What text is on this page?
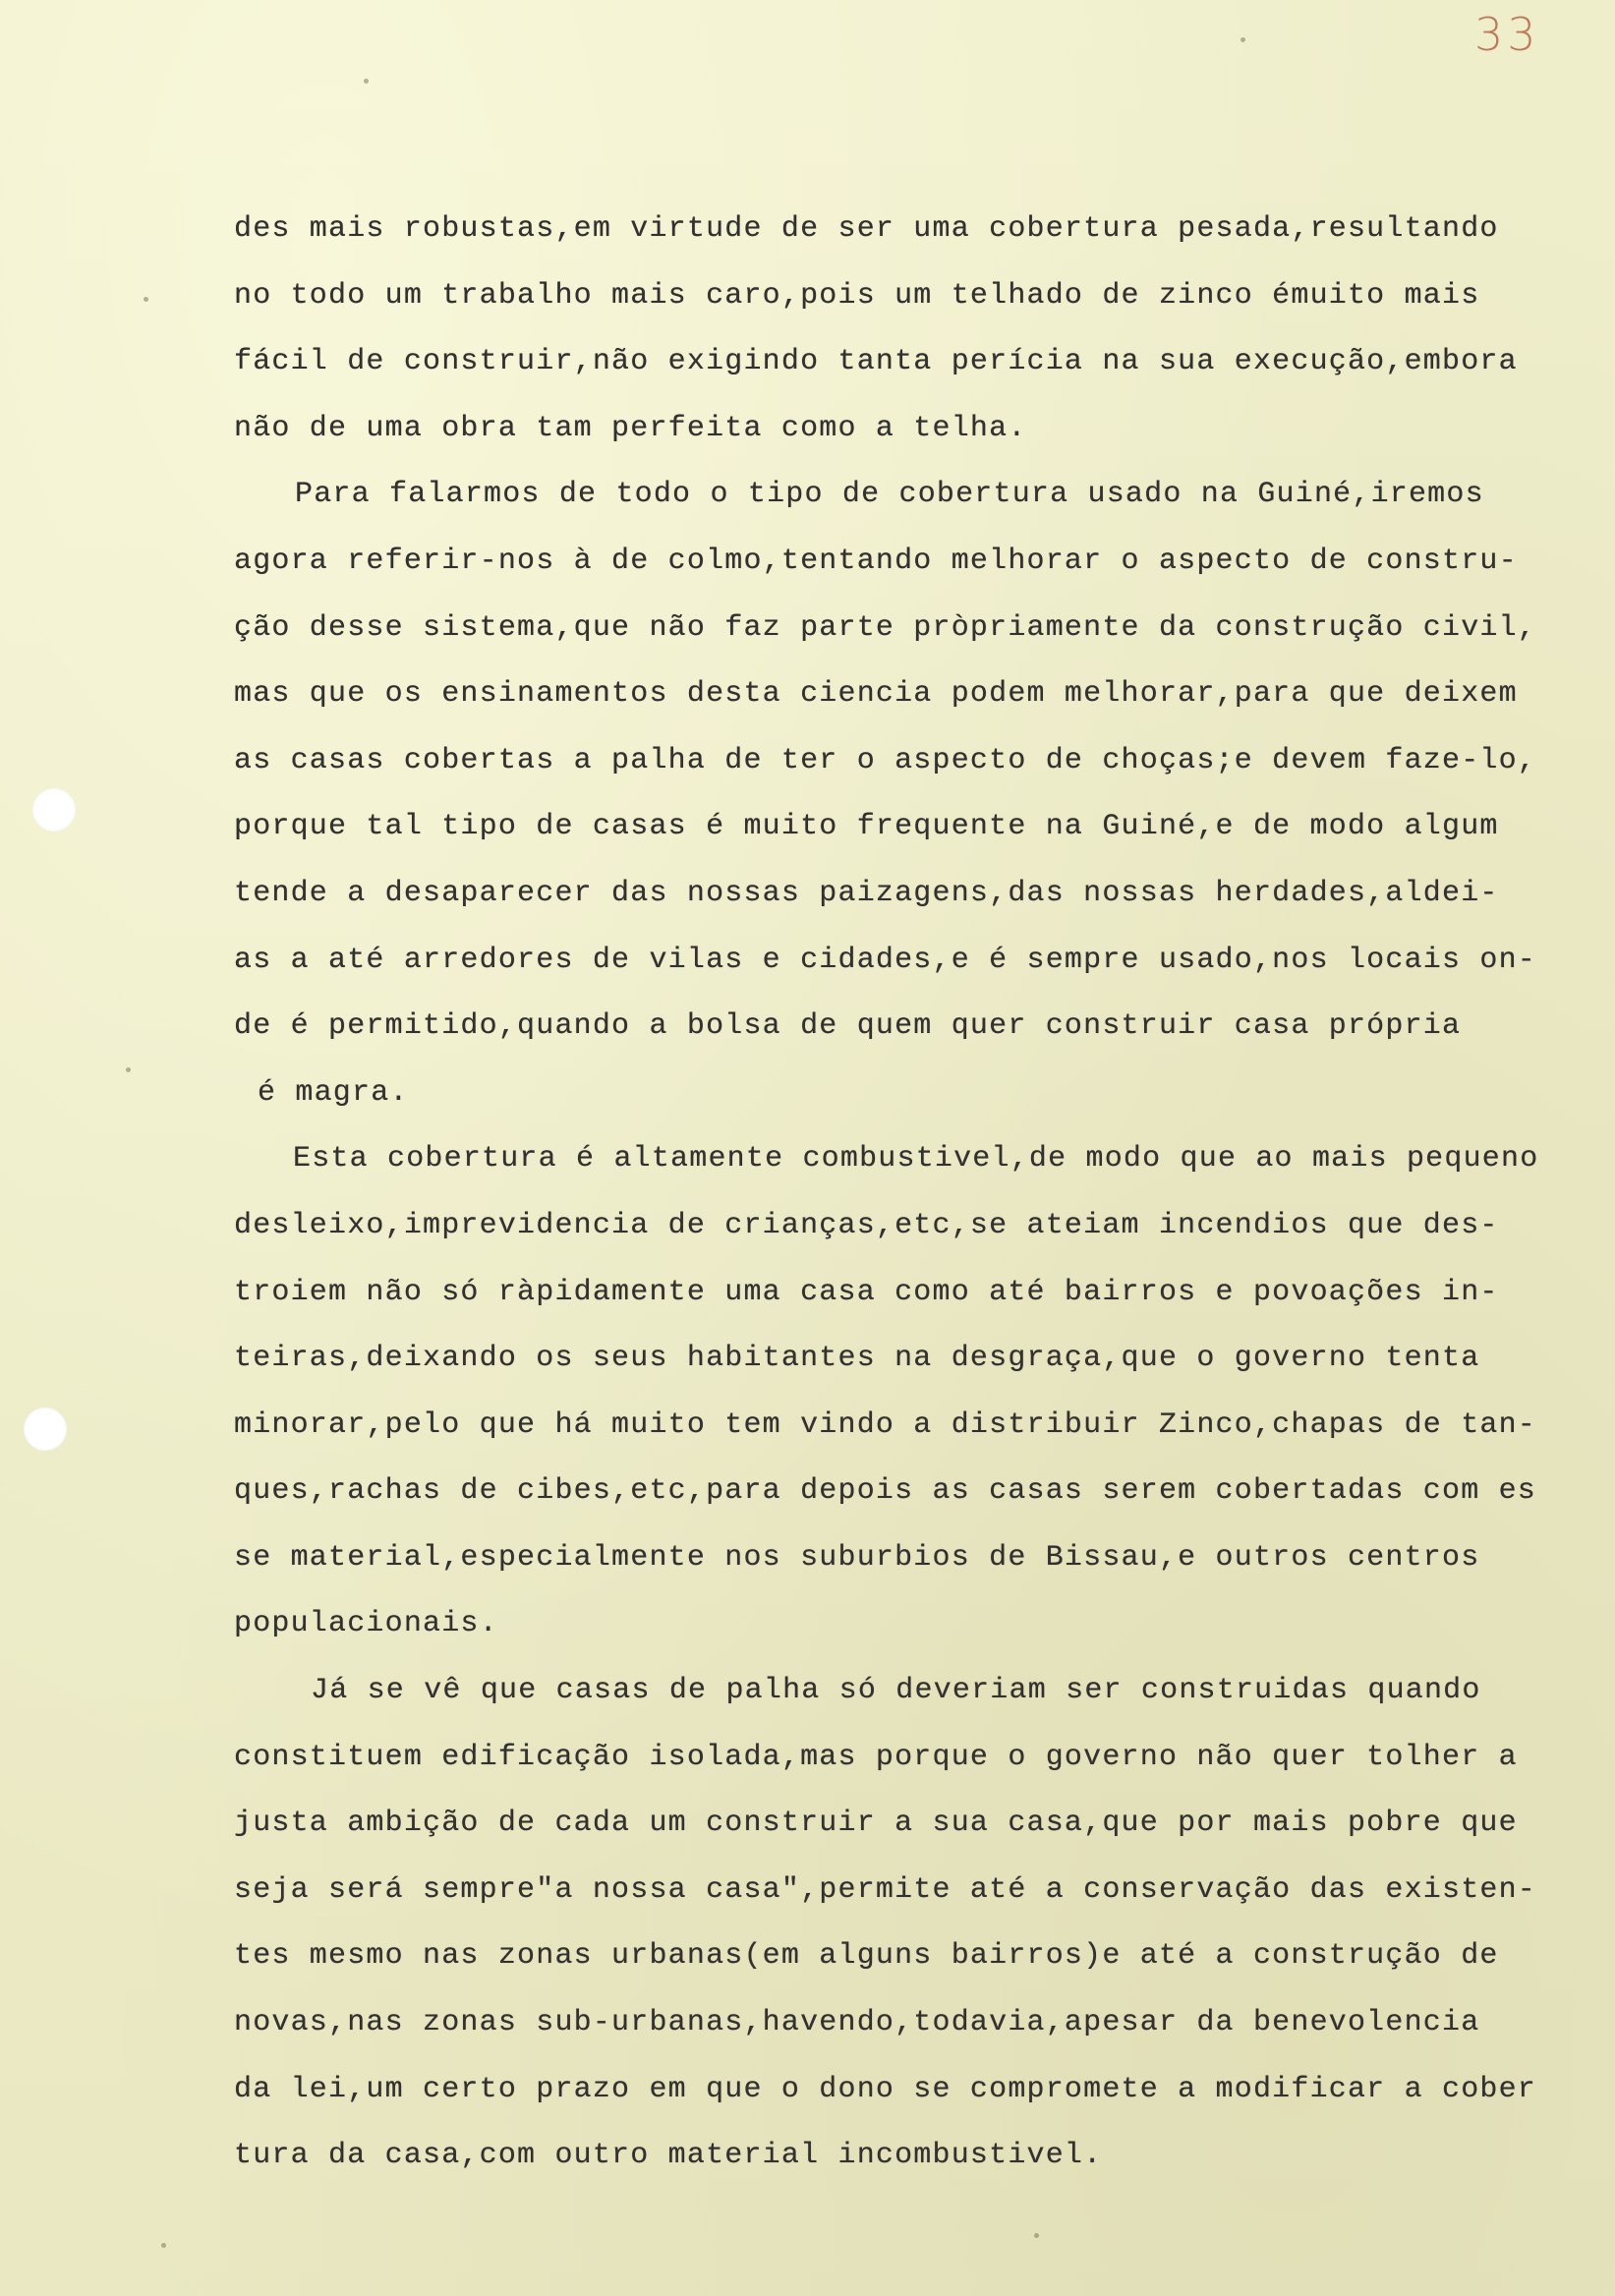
33
des mais robustas,em virtude de ser uma cobertura pesada,resultando
no todo um trabalho mais caro,pois um telhado de zinco émuito mais
fácil de construir,não exigindo tanta perícia na sua execução,embora
não de uma obra tam perfeita como a telha.
Para falarmos de todo o tipo de cobertura usado na Guiné,iremos
agora referir-nos à de colmo,tentando melhorar o aspecto de constru-
ção desse sistema,que não faz parte pròpriamente da construção civil,
mas que os ensinamentos desta ciencia podem melhorar,para que deixem
as casas cobertas a palha de ter o aspecto de choças;e devem faze-lo,
porque tal tipo de casas é muito frequente na Guiné,e de modo algum
tende a desaparecer das nossas paizagens,das nossas herdades,aldei-
as a até arredores de vilas e cidades,e é sempre usado,nos locais on-
de é permitido,quando a bolsa de quem quer construir casa própria
é magra.
Esta cobertura é altamente combustivel,de modo que ao mais pequeno
desleixo,imprevidencia de crianças,etc,se ateiam incendios que des-
troiem não só ràpidamente uma casa como até bairros e povoações in-
teiras,deixando os seus habitantes na desgraça,que o governo tenta
minorar,pelo que há muito tem vindo a distribuir Zinco,chapas de tan-
ques,rachas de cibes,etc,para depois as casas serem cobertadas com es
se material,especialmente nos suburbios de Bissau,e outros centros
populacionais.
Já se vê que casas de palha só deveriam ser construidas quando
constituem edificação isolada,mas porque o governo não quer tolher a
justa ambição de cada um construir a sua casa,que por mais pobre que
seja será sempre"a nossa casa",permite até a conservação das existen-
tes mesmo nas zonas urbanas(em alguns bairros)e até a construção de
novas,nas zonas sub-urbanas,havendo,todavia,apesar da benevolencia
da lei,um certo prazo em que o dono se compromete a modificar a cober
tura da casa,com outro material incombustivel.
